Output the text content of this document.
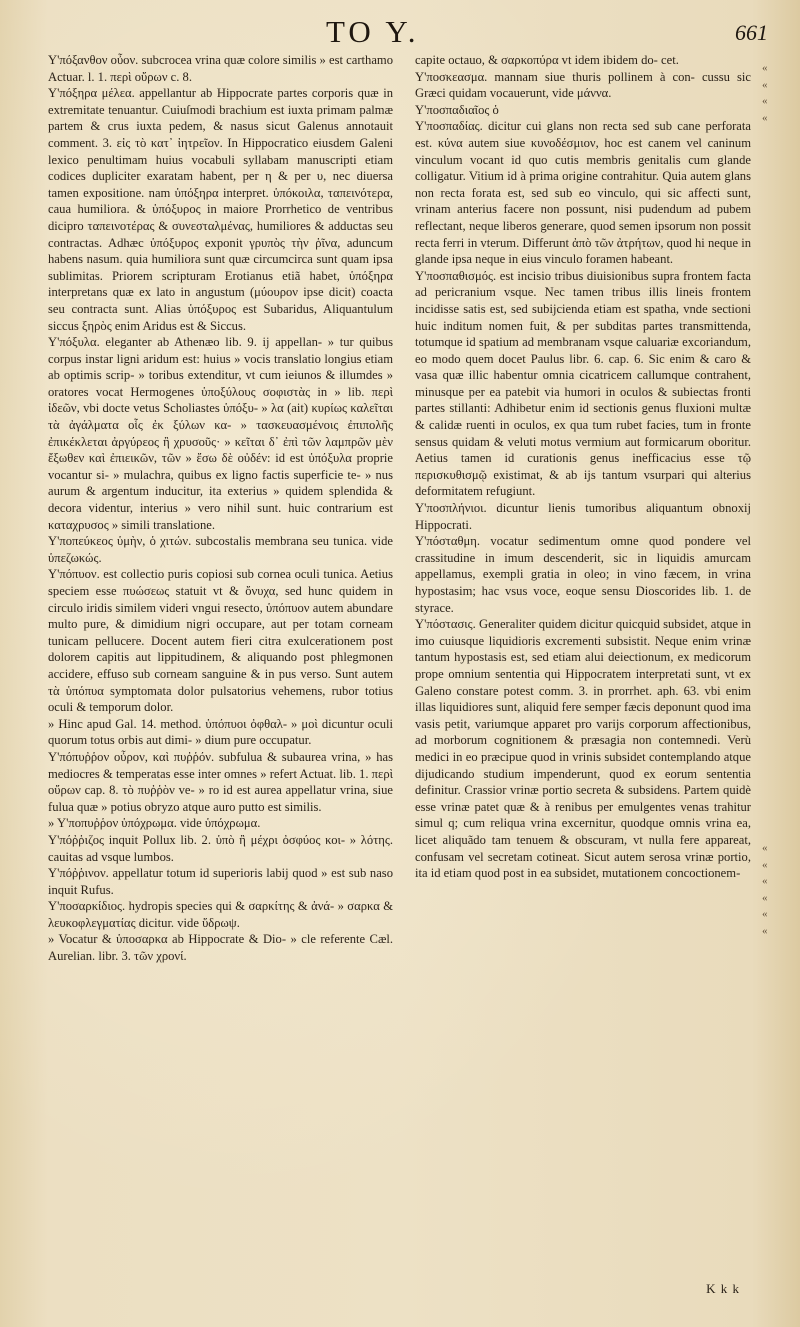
TO Y.	661

Y'πόξανθον οὖον. subcrocea vrina quæ colore similis » est carthamo Actuar. l. 1. περὶ οὔρων c. 8.

Y'πόξηρα μέλεα. appellantur ab Hippocrate partes corporis quæ in extremitate tenuantur. Cuiuſmodi brachium est iuxta primam palmæ partem & crus iuxta pedem, & nasus sicut Galenus annotauit comment. 3. εἰς τὸ κατ᾽ ἰητρεῖον. In Hippocratico eiusdem Galeni lexico penultimam huius vocabuli syllabam manuscripti etiam codices dupliciter exaratam habent, per η & per υ, nec diuersa tamen expositione. nam ὑπόξηρα interpret. ὑπόκοιλα, ταπεινότερα, caua humiliora. & ὑπόξυρος in maiore Prorrhetico de ventribus dicipro ταπεινοτέρας & συνεσταλμένας, humiliores & adductas seu contractas. Adhæc ὑπόξυρος exponit γρυπὸς τὴν ῥῖνα, aduncum habens nasum. quia humiliora sunt quæ circumcirca sunt quam ipsa sublimitas. Priorem scripturam Erotianus etiã habet, ὑπόξηρα interpretans quæ ex lato in angustum (μύουρον ipse dicit) coacta seu contracta sunt. Alias ὑπόξυρος est Subaridus, Aliquantulum siccus ξηρὸς enim Aridus est & Siccus.

Y'πόξυλα. eleganter ab Athenæo lib. 9. ij appellan- » tur quibus corpus instar ligni aridum est: huius » vocis translatio longius etiam ab optimis scrip- » toribus extenditur, vt cum ieiunos & illumdes » oratores vocat Hermogenes ὑποξύλους σοφιστὰς in » lib. περὶ ἰδεῶν, vbi docte vetus Scholiastes ὑπόξυ- » λα (ait) κυρίως καλεῖται τὰ ἀγάλματα οἷς ἐκ ξύλων κα- » τασκευασμένοις ἐπιπολῆς ἐπικέκλεται ἀργύρεος ἢ χρυσοῦς· » κεῖται δ᾽ ἐπὶ τῶν λαμπρῶν μὲν ἔξωθεν καὶ ἐπιεικῶν, τῶν » ἔσω δὲ οὐδέν: id est ὑπόξυλα proprie vocantur si- » mulachra, quibus ex ligno factis superficie te- » nus aurum & argentum inducitur, ita exterius » quidem splendida & decora videntur, interius » vero nihil sunt. huic contrarium est καταχρυσος » simili translatione.

Y'ποπεύκεος ὑμὴν, ὁ χιτών. subcostalis membrana seu tunica. vide ὑπεζωκώς.

Y'πόπυον. est collectio puris copiosi sub cornea oculi tunica. Aetius speciem esse πυώσεως statuit vt & ὄνυχα, sed hunc quidem in circulo iridis similem videri vngui resecto, ὑπόπυον autem abundare multo pure, & dimidium nigri occupare, aut per totam corneam tunicam pellucere. Docent autem fieri citra exulcerationem post dolorem capitis aut lippitudinem, & aliquando post phlegmonen accidere, effuso sub corneam sanguine & in pus verso. Sunt autem τὰ ὑπόπυα symptomata dolor pulsatorius vehemens, rubor totius oculi & temporum dolor.

» Hinc apud Gal. 14. method. ὑπόπυοι ὀφθαλ- » μοὶ dicuntur oculi quorum totus orbis aut dimi- » dium pure occupatur.

Y'πόπυῤῥον οὖρον, καὶ πυῤῥόν. subfulua & subaurea vrina, » has mediocres & temperatas esse inter omnes » refert Actuat. lib. 1. περὶ οὔρων cap. 8. τὸ πυῤῥὸν ve- » ro id est aurea appellatur vrina, siue fulua quæ » potius obryzo atque auro putto est similis.

» Y'ποπυῤῥον ὑπόχρωμα. vide ὑπόχρωμα.

Y'πόῤῥιζος inquit Pollux lib. 2. ὑπὸ ἢ μέχρι ὀσφύος κοι- » λότης. cauitas ad vsque lumbos.

Y'πόῤῥινον. appellatur totum id superioris labij quod » est sub naso inquit Rufus.

Y'ποσαρκίδιος. hydropis species qui & σαρκίτης & ἀνά- » σαρκα & λευκοφλεγματίας dicitur. vide ὕδρωψ.

» Vocatur & ὑποσαρκα ab Hippocrate & Dio- » cle referente Cæl. Aurelian. libr. 3. τῶν χρονί.

capite octauo, & σαρκοπύρα vt idem ibidem do- cet.

Y'ποσκεασμα. mannam siue thuris pollinem à con- cussu sic Græci quidam vocauerunt, vide μάννα.

Y'ποσπαδιαῖος ὁ

Y'ποσπαδίας. dicitur cui glans non recta sed sub cane perforata est. κύνα autem siue κυνοδέσμιον, hoc est canem vel caninum vinculum vocant id quo cutis membris genitalis cum glande colligatur. Vitium id à prima origine contrahitur. Quia autem glans non recta forata est, sed sub eo vinculo, qui sic affecti sunt, vrinam anterius facere non possunt, nisi pudendum ad pubem reflectant, neque liberos generare, quod semen ipsorum non possit recta ferri in vterum. Differunt ἀπὸ τῶν ἀτρήτων, quod hi neque in glande ipsa neque in eius vinculo foramen habeant.

Y'ποσπαθισμός. est incisio tribus diuisionibus supra frontem facta ad pericranium vsque. Nec tamen tribus illis lineis frontem incidisse satis est, sed subijcienda etiam est spatha, vnde sectioni huic inditum nomen fuit, & per subditas partes transmittenda, totumque id spatium ad membranam vsque caluariæ excoriandum, eo modo quem docet Paulus libr. 6. cap. 6. Sic enim & caro & vasa quæ illic habentur omnia cicatricem callumque contrahent, minusque per ea patebit via humori in oculos & subiectas fronti partes stillanti: Adhibetur enim id sectionis genus fluxioni multæ & calidæ ruenti in oculos, ex qua tum rubet facies, tum in fronte sensus quidam & veluti motus vermium aut formicarum oboritur. Aetius tamen id curationis genus inefficacius esse τῷ περισκυθισμῷ existimat, & ab ijs tantum vsurpari qui alterius deformitatem refugiunt.

Y'ποσπλήνιοι. dicuntur lienis tumoribus aliquantum obnoxij Hippocrati.

Y'πόσταθμη. vocatur sedimentum omne quod pondere vel crassitudine in imum descenderit, sic in liquidis amurcam appellamus, exempli gratia in oleo; in vino fæcem, in vrina hypostasim; hac vsus voce, eoque sensu Dioscorides lib. 1. de styrace.

Y'πόστασις. Generaliter quidem dicitur quicquid subsidet, atque in imo cuiusque liquidioris excrementi subsistit. Neque enim vrinæ tantum hypostasis est, sed etiam alui deiectionum, ex medicorum prope omnium sententia qui Hippocratem interpretati sunt, vt ex Galeno constare potest comm. 3. in prorrhet. aph. 63. vbi enim illas liquidiores sunt, aliquid fere semper fæcis deponunt quod ima vasis petit, variumque apparet pro varijs corporum affectionibus, ad morborum cognitionem & præsagia non contemnedi. Verù medici in eo præcipue quod in vrinis subsidet contemplando atque dijudicando studium impenderunt, quod ex eorum sententia definitur. Crassior vrinæ portio secreta & subsidens. Partem quidè esse vrinæ patet quæ & à renibus per emulgentes venas trahitur simul q; cum reliqua vrina excernitur, quodque omnis vrina ea, licet aliquãdo tam tenuem & obscuram, vt nulla fere appareat, confusam vel secretam cotineat. Sicut autem serosa vrinæ portio, ita id etiam quod post in ea subsidet, mutationem concoctionem-

«
«
«
«
«
«
«
«
«
«
K k k
